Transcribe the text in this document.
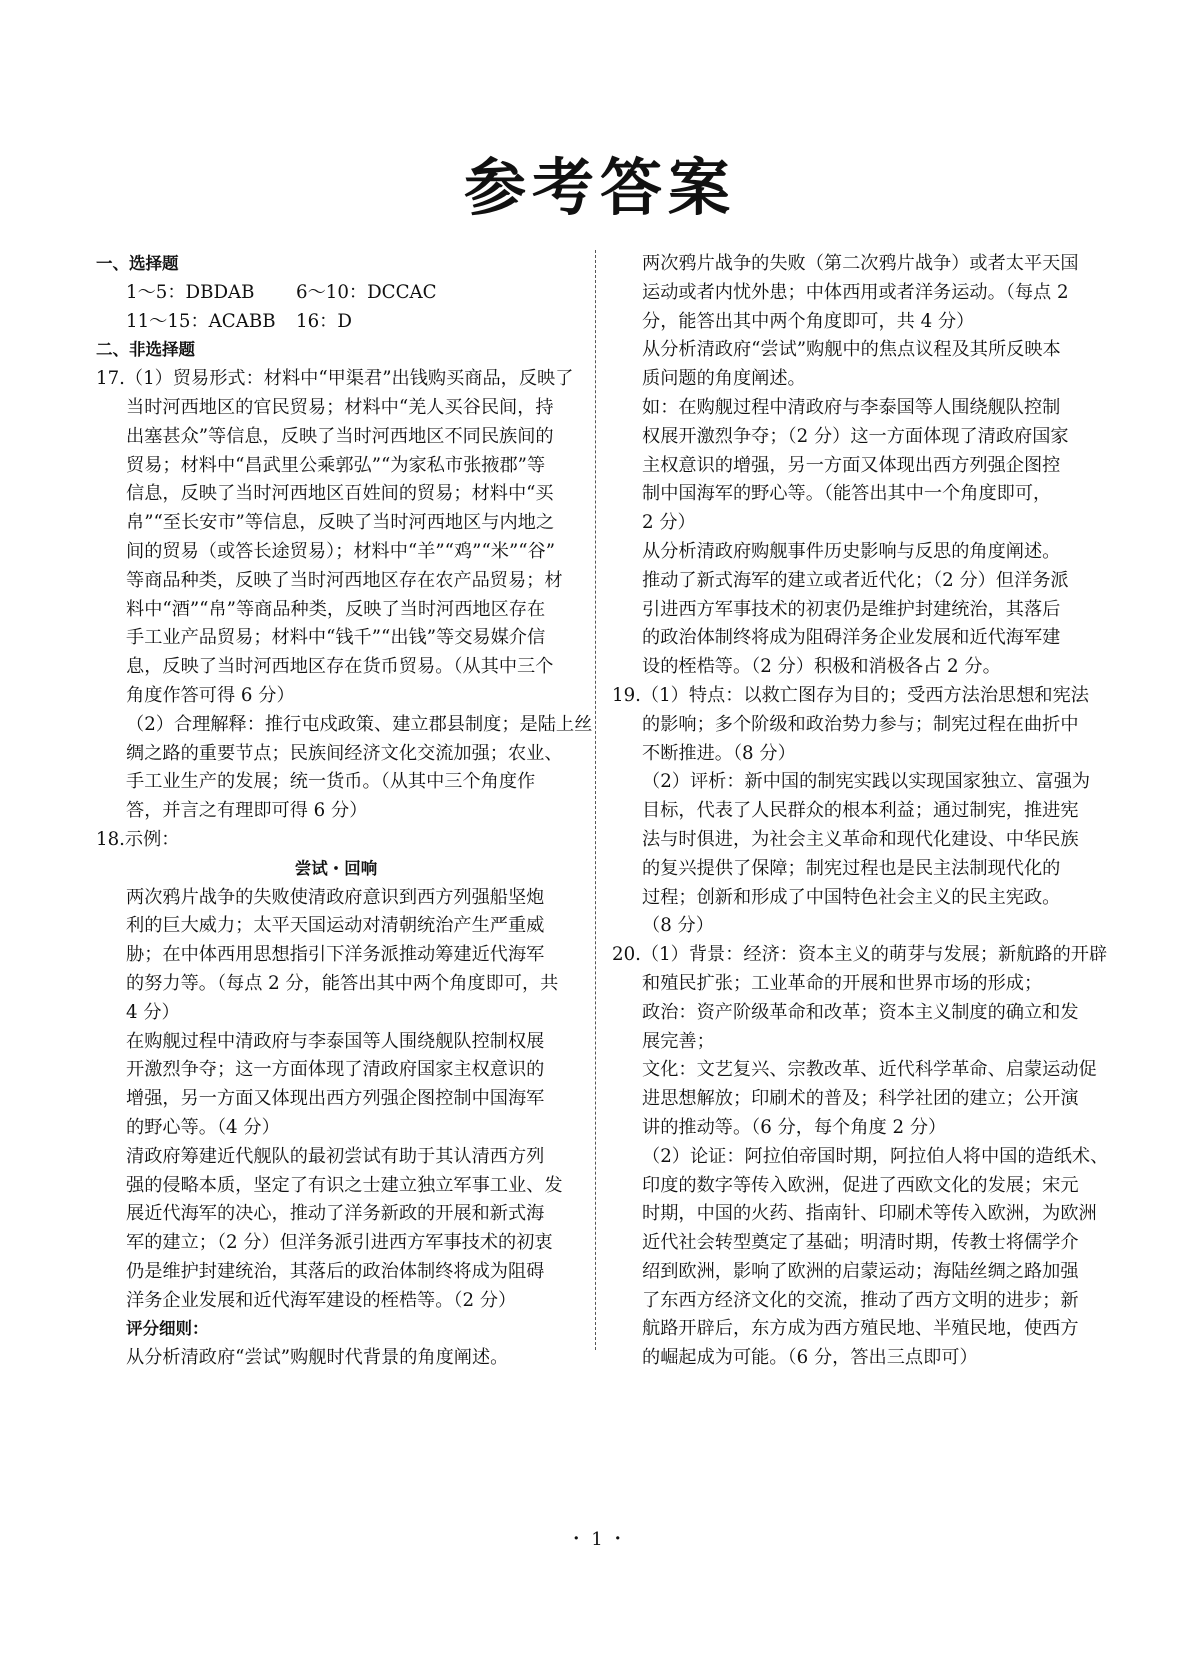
参考答案
一、选择题
1～5：DBDAB 6～10：DCCAC
11～15：ACABB 16：D
二、非选择题
17.（1）贸易形式：材料中“甲渠君”出钱购买商品，反映了
当时河西地区的官民贸易；材料中“羌人买谷民间，持
出塞甚众”等信息，反映了当时河西地区不同民族间的
贸易；材料中“昌武里公乘郭弘”“为家私市张掖郡”等
信息，反映了当时河西地区百姓间的贸易；材料中“买
帛”“至长安市”等信息，反映了当时河西地区与内地之
间的贸易（或答长途贸易）；材料中“羊”“鸡”“米”“谷”
等商品种类，反映了当时河西地区存在农产品贸易；材
料中“酒”“帛”等商品种类，反映了当时河西地区存在
手工业产品贸易；材料中“钱千”“出钱”等交易媒介信
息，反映了当时河西地区存在货币贸易。（从其中三个
角度作答可得 6 分）
（2）合理解释：推行屯戍政策、建立郡县制度；是陆上丝
绸之路的重要节点；民族间经济文化交流加强；农业、
手工业生产的发展；统一货币。（从其中三个角度作
答，并言之有理即可得 6 分）
18.示例：
尝试・回响
两次鸦片战争的失败使清政府意识到西方列强船坚炮
利的巨大威力；太平天国运动对清朝统治产生严重威
胁；在中体西用思想指引下洋务派推动筹建近代海军
的努力等。（每点 2 分，能答出其中两个角度即可，共
4 分）
在购舰过程中清政府与李泰国等人围绕舰队控制权展
开激烈争夺；这一方面体现了清政府国家主权意识的
增强，另一方面又体现出西方列强企图控制中国海军
的野心等。（4 分）
清政府筹建近代舰队的最初尝试有助于其认清西方列
强的侵略本质，坚定了有识之士建立独立军事工业、发
展近代海军的决心，推动了洋务新政的开展和新式海
军的建立；（2 分）但洋务派引进西方军事技术的初衷
仍是维护封建统治，其落后的政治体制终将成为阻碍
洋务企业发展和近代海军建设的桎梏等。（2 分）
评分细则：
从分析清政府“尝试”购舰时代背景的角度阐述。
两次鸦片战争的失败（第二次鸦片战争）或者太平天国
运动或者内忧外患；中体西用或者洋务运动。（每点 2
分，能答出其中两个角度即可，共 4 分）
从分析清政府“尝试”购舰中的焦点议程及其所反映本
质问题的角度阐述。
如：在购舰过程中清政府与李泰国等人围绕舰队控制
权展开激烈争夺；（2 分）这一方面体现了清政府国家
主权意识的增强，另一方面又体现出西方列强企图控
制中国海军的野心等。（能答出其中一个角度即可，
2 分）
从分析清政府购舰事件历史影响与反思的角度阐述。
推动了新式海军的建立或者近代化；（2 分）但洋务派
引进西方军事技术的初衷仍是维护封建统治，其落后
的政治体制终将成为阻碍洋务企业发展和近代海军建
设的桎梏等。（2 分）积极和消极各占 2 分。
19.（1）特点：以救亡图存为目的；受西方法治思想和宪法
的影响；多个阶级和政治势力参与；制宪过程在曲折中
不断推进。（8 分）
（2）评析：新中国的制宪实践以实现国家独立、富强为
目标，代表了人民群众的根本利益；通过制宪，推进宪
法与时俱进，为社会主义革命和现代化建设、中华民族
的复兴提供了保障；制宪过程也是民主法制现代化的
过程；创新和形成了中国特色社会主义的民主宪政。
（8 分）
20.（1）背景：经济：资本主义的萌芽与发展；新航路的开辟
和殖民扩张；工业革命的开展和世界市场的形成；
政治：资产阶级革命和改革；资本主义制度的确立和发
展完善；
文化：文艺复兴、宗教改革、近代科学革命、启蒙运动促
进思想解放；印刷术的普及；科学社团的建立；公开演
讲的推动等。（6 分，每个角度 2 分）
（2）论证：阿拉伯帝国时期，阿拉伯人将中国的造纸术、
印度的数字等传入欧洲，促进了西欧文化的发展；宋元
时期，中国的火药、指南针、印刷术等传入欧洲，为欧洲
近代社会转型奠定了基础；明清时期，传教士将儒学介
绍到欧洲，影响了欧洲的启蒙运动；海陆丝绸之路加强
了东西方经济文化的交流，推动了西方文明的进步；新
航路开辟后，东方成为西方殖民地、半殖民地，使西方
的崛起成为可能。（6 分，答出三点即可）
・1・
